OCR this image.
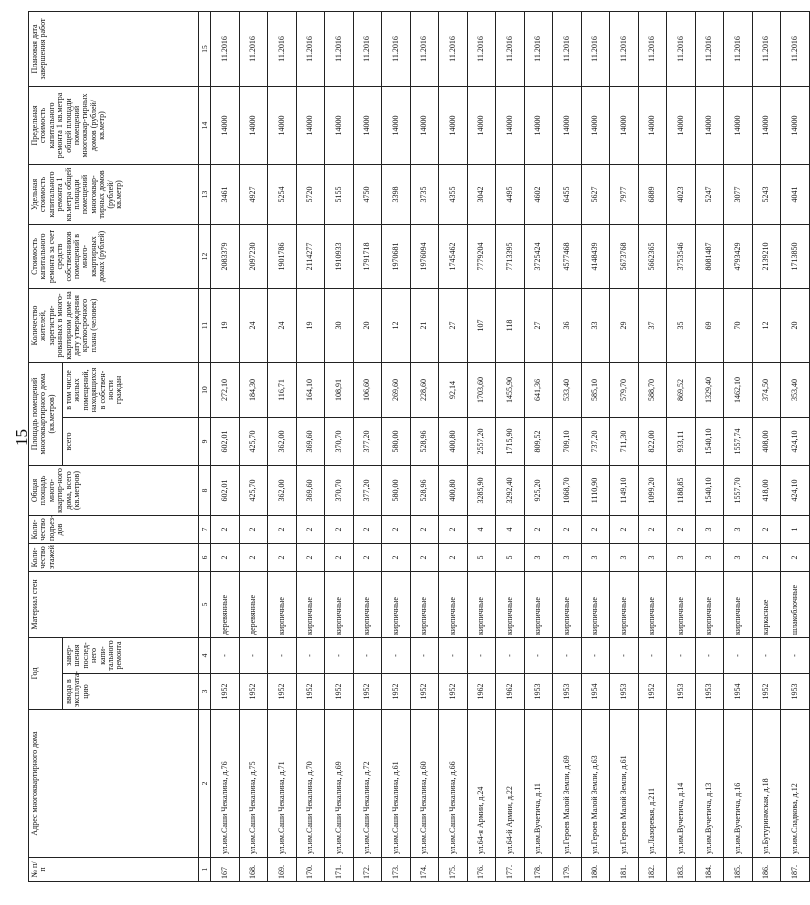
15
№ п/п	Адрес многоквартирного дома	Год		Материал стен	Коли-чество этажей	Коли-чество подъез-дов	Общая площадь много-квартир-ного дома, всего (кв.метров)	Площадь помещений многоквартирного дома (кв.метров)		Количество жителей, зарегистри-рованных в много-квартирном доме на дату утверждения краткосрочного плана (человек)	Стоимость капитального ремонта за счет средств собственников помещений в много-квартирных домах (рублей)	Удельная стоимость капитального ремонта 1 кв.метра общей площади помещений многоквар-тирных домов (рублей/кв.метр)	Предельная стоимость капитального ремонта 1 кв.метра общей площади помещений многоквар-тирных домов (рублей/кв.метр)	Плановая дата завершения работ
		ввода в эксплуата-цию	завер-шения послед-него капи-тального ремонта					всего	в том числе жилых помещений, находящихся в собствен-ности граждан					
1	2	3	4	5	6	7	8	9	10	11	12	13	14	15
167	ул.им.Саши Чекалина, д.76	1952	-	деревянные	2	2	602,01	602,01	272,10	19	2083379	3461	14000	11.2016
168.	ул.им.Саши Чекалина, д.75	1952	-	деревянные	2	2	425,70	425,70	184,30	24	2097230	4927	14000	11.2016
169.	ул.им.Саши Чекалина, д.71	1952	-	кирпичные	2	2	362,00	362,00	116,71	24	1901786	5254	14000	11.2016
170.	ул.им.Саши Чекалина, д.70	1952	-	кирпичные	2	2	369,60	369,60	164,10	19	2114277	5720	14000	11.2016
171.	ул.им.Саши Чекалина, д.69	1952	-	кирпичные	2	2	370,70	370,70	108,91	30	1910933	5155	14000	11.2016
172.	ул.им.Саши Чекалина, д.72	1952	-	кирпичные	2	2	377,20	377,20	106,60	20	1791718	4750	14000	11.2016
173.	ул.им.Саши Чекалина, д.61	1952	-	кирпичные	2	2	580,00	580,00	269,60	12	1970681	3398	14000	11.2016
174.	ул.им.Саши Чекалина, д.60	1952	-	кирпичные	2	2	528,96	528,96	228,60	21	1976094	3735	14000	11.2016
175.	ул.им.Саши Чекалина, д.66	1952	-	кирпичные	2	2	400,80	400,80	92,14	27	1745462	4355	14000	11.2016
176.	ул.64-я Армии, д.24	1962	-	кирпичные	5	4	3285,90	2557,20	1703,60	107	7779204	3042	14000	11.2016
177.	ул.64-й Армии, д.22	1962	-	кирпичные	5	4	3292,40	1715,90	1455,90	118	7713395	4495	14000	11.2016
178.	ул.им.Вучетича, д.11	1953	-	кирпичные	3	2	925,20	809,52	641,36	27	3725424	4602	14000	11.2016
179.	ул.Героев Малой Земли, д.69	1953	-	кирпичные	3	2	1068,70	709,10	533,40	36	4577468	6455	14000	11.2016
180.	ул.Героев Малой Земли, д.63	1954	-	кирпичные	3	2	1110,90	737,20	585,10	33	4148439	5627	14000	11.2016
181.	ул.Героев Малой Земли, д.61	1953	-	кирпичные	3	2	1149,10	711,30	579,70	29	5673768	7977	14000	11.2016
182.	ул.Лазоревая, д.211	1952	-	кирпичные	3	2	1099,20	822,00	588,70	37	5662365	6889	14000	11.2016
183.	ул.им.Вучетича, д.14	1953	-	кирпичные	3	2	1188,85	933,11	869,52	35	3753546	4023	14000	11.2016
184.	ул.им.Вучетича, д.13	1953	-	кирпичные	3	3	1540,10	1540,10	1329,40	69	8081487	5247	14000	11.2016
185.	ул.им.Вучетича, д.16	1954	-	кирпичные	3	3	1557,70	1557,74	1462,10	70	4793429	3077	14000	11.2016
186.	ул.Бутуринмская, д.18	1952	-	каркасные	2	2	418,00	408,00	374,50	12	2139210	5243	14000	11.2016
187.	ул.им.Сладкова, д.12	1953	-	шлакоблочные	2	1	424,10	424,10	353,40	20	1713850	4041	14000	11.2016
